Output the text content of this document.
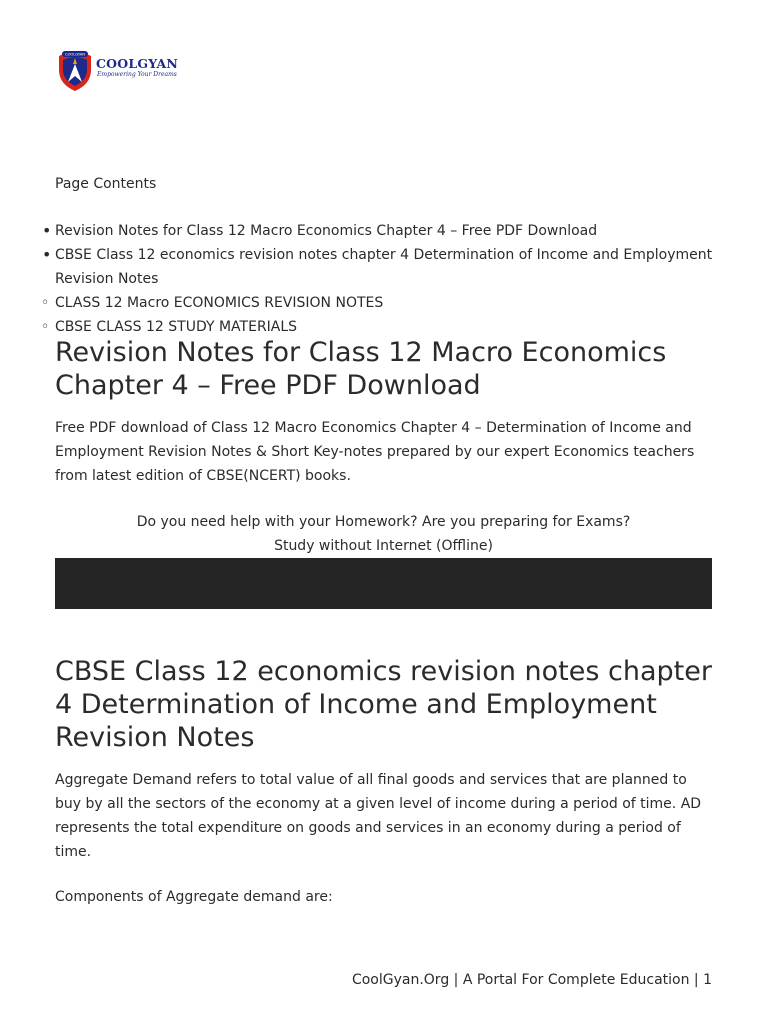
COOLGYAN
COOLGYAN
Empowering Your Dreams
Page Contents
• Revision Notes for Class 12 Macro Economics Chapter 4 – Free PDF Download
• CBSE Class 12 economics revision notes chapter 4 Determination of Income and Employment Revision Notes
◦ CLASS 12 Macro ECONOMICS REVISION NOTES
◦ CBSE CLASS 12 STUDY MATERIALS
Revision Notes for Class 12 Macro Economics Chapter 4 – Free PDF Download

Free PDF download of Class 12 Macro Economics Chapter 4 – Determination of Income and Employment Revision Notes & Short Key-notes prepared by our expert Economics teachers from latest edition of CBSE(NCERT) books.

Do you need help with your Homework? Are you preparing for Exams?
Study without Internet (Offline)
CBSE Class 12 economics revision notes chapter 4 Determination of Income and Employment Revision Notes

Aggregate Demand refers to total value of all final goods and services that are planned to buy by all the sectors of the economy at a given level of income during a period of time. AD represents the total expenditure on goods and services in an economy during a period of time.

Components of Aggregate demand are:

CoolGyan.Org | A Portal For Complete Education | 1
